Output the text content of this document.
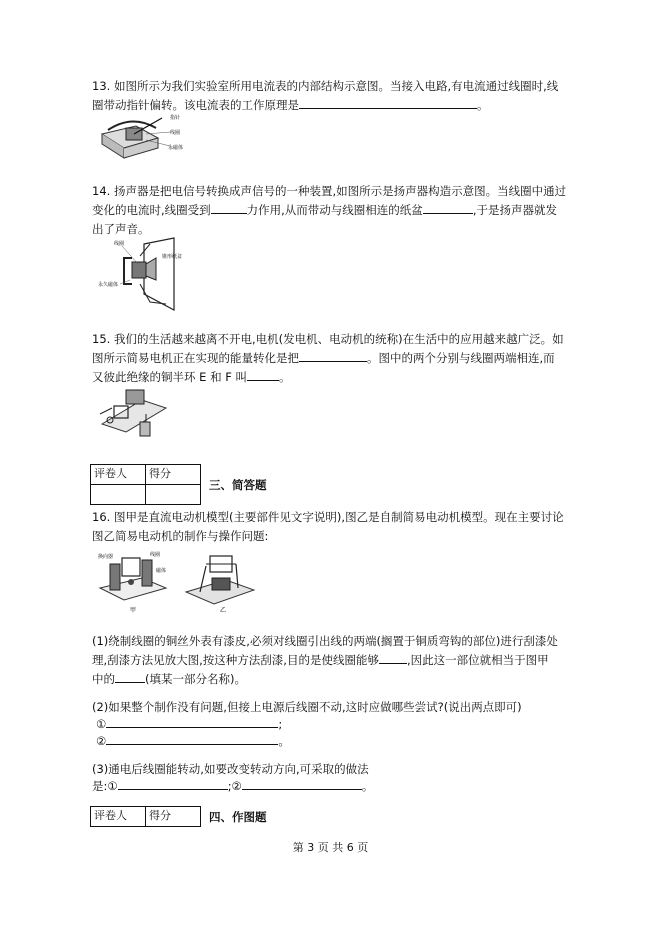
13. 如图所示为我们实验室所用电流表的内部结构示意图。当接入电路,有电流通过线圈时,线
圈带动指针偏转。该电流表的工作原理是	。
指针
线圈
永磁体
14. 扬声器是把电信号转换成声信号的一种装置,如图所示是扬声器构造示意图。当线圈中通过
变化的电流时,线圈受到	力作用,从而带动与线圈相连的纸盆	,于是扬声器就发
出了声音。
线圈
锥形纸盆
永久磁体
15. 我们的生活越来越离不开电,电机(发电机、电动机的统称)在生活中的应用越来越广泛。如
图所示简易电机正在实现的能量转化是把	。图中的两个分别与线圈两端相连,而
又彼此绝缘的铜半环 E 和 F 叫	。
评卷人	得分

三、简答题
16. 图甲是直流电动机模型(主要部件见文字说明),图乙是自制简易电动机模型。现在主要讨论
图乙简易电动机的制作与操作问题:
换向器	线圈
磁体
甲	乙
(1)绕制线圈的铜丝外表有漆皮,必须对线圈引出线的两端(搁置于铜质弯钩的部位)进行刮漆处
理,刮漆方法见放大图,按这种方法刮漆,目的是使线圈能够 ,因此这一部位就相当于图甲
中的	(填某一部分名称)。
(2)如果整个制作没有问题,但接上电源后线圈不动,这时应做哪些尝试?(说出两点即可)
①	;
②	。
(3)通电后线圈能转动,如要改变转动方向,可采取的做法
是:①	;②	。
评卷人	得分	四、作图题
第 3 页 共 6 页
